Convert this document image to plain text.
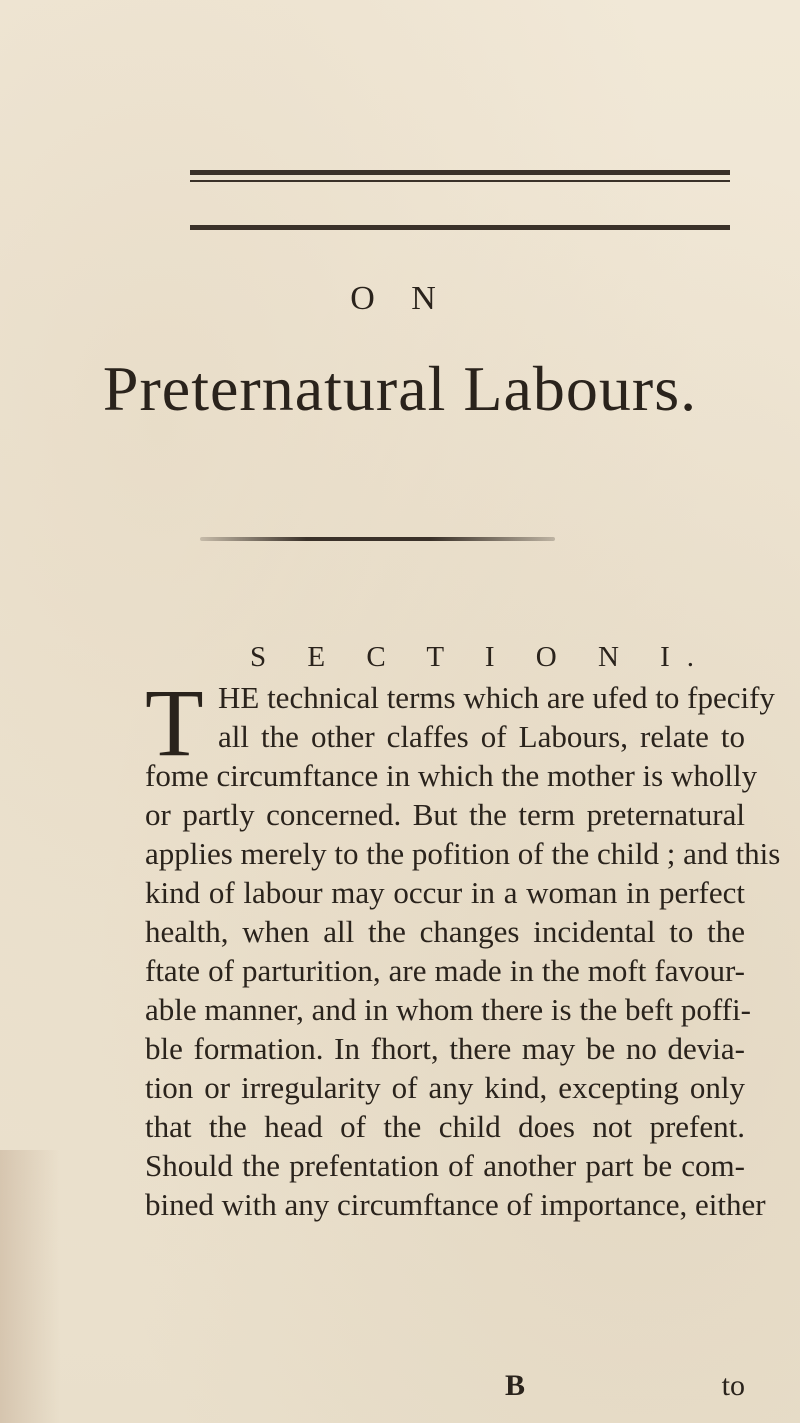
O N
Preternatural Labours.
S E C T I O N I.
T HE technical terms which are ufed to fpecify
all the other claffes of Labours, relate to
fome circumftance in which the mother is wholly
or partly concerned. But the term preternatural
applies merely to the pofition of the child ; and this
kind of labour may occur in a woman in perfect
health, when all the changes incidental to the
ftate of parturition, are made in the moft favour-
able manner, and in whom there is the beft poffi-
ble formation. In fhort, there may be no devia-
tion or irregularity of any kind, excepting only
that the head of the child does not prefent.
Should the prefentation of another part be com-
bined with any circumftance of importance, either
B	to
